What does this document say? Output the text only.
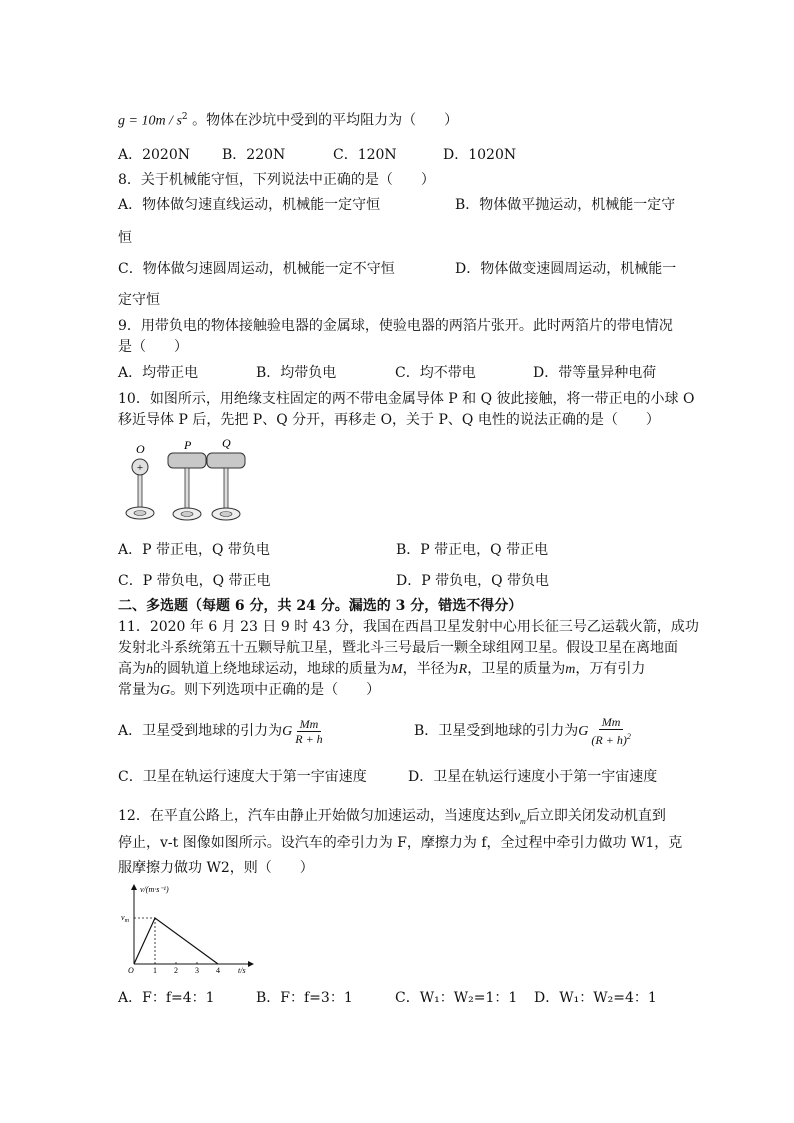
$g = 10m / s^2$ 。物体在沙坑中受到的平均阻力为（　　）
A．2020N B．220N	C．120N	D．1020N
8．关于机械能守恒，下列说法中正确的是（　　）
A．物体做匀速直线运动，机械能一定守恒	B．物体做平抛运动，机械能一定守
恒
C．物体做匀速圆周运动，机械能一定不守恒	D．物体做变速圆周运动，机械能一
定守恒
9．用带负电的物体接触验电器的金属球，使验电器的两箔片张开。此时两箔片的带电情况
是（　　）
A．均带正电	B．均带负电	C．均不带电	D．带等量异种电荷
10．如图所示，用绝缘支柱固定的两不带电金属导体 P 和 Q 彼此接触，将一带正电的小球 O
移近导体 P 后，先把 P、Q 分开，再移走 O，关于 P、Q 电性的说法正确的是（　　）
O
+
P	Q
A．P 带正电，Q 带负电	B．P 带正电，Q 带正电
C．P 带负电，Q 带正电	D．P 带负电，Q 带负电
二、多选题（每题 6 分，共 24 分。漏选的 3 分，错选不得分）
11．2020 年 6 月 23 日 9 时 43 分，我国在西昌卫星发射中心用长征三号乙运载火箭，成功
发射北斗系统第五十五颗导航卫星，暨北斗三号最后一颗全球组网卫星。假设卫星在离地面
高为h的圆轨道上绕地球运动，地球的质量为M，半径为R，卫星的质量为m，万有引力
常量为G。则下列选项中正确的是（　　）
A．卫星受到地球的引力为G $\frac{Mm}{R + h}$	B．卫星受到地球的引力为G $\frac{Mm}{(R + h)^2}$
C．卫星在轨运行速度大于第一宇宙速度	D．卫星在轨运行速度小于第一宇宙速度
12．在平直公路上，汽车由静止开始做匀加速运动，当速度达到$v_m$后立即关闭发动机直到
停止，v-t 图像如图所示。设汽车的牵引力为 F，摩擦力为 f，全过程中牵引力做功 W1，克
服摩擦力做功 W2，则（　　）
v/(m·s⁻¹)
$v_m$
O 1 2 3 4 t/s
A．F：f=4：1	B．F：f=3：1	C．W₁：W₂=1：1 D．W₁：W₂=4：1
